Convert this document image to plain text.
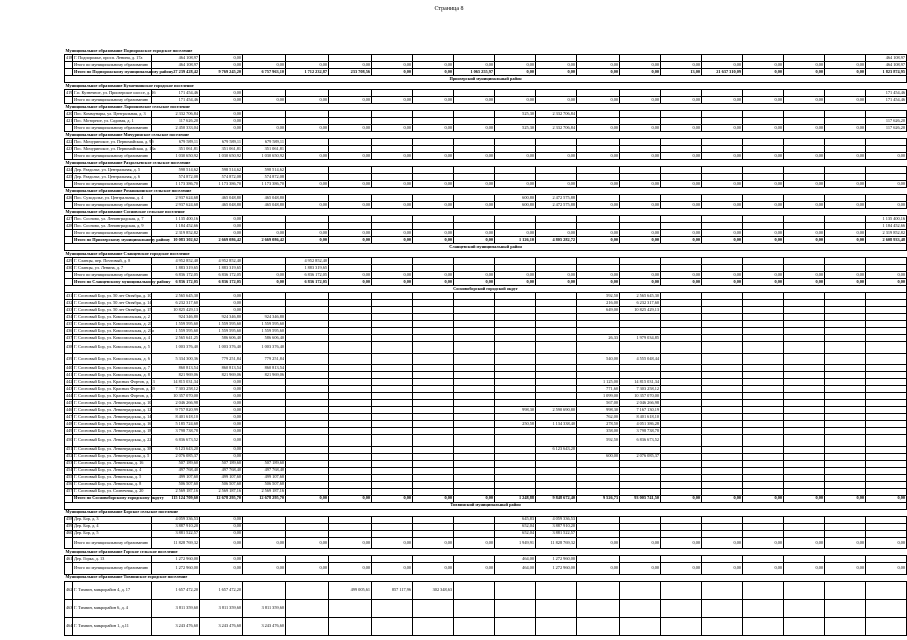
Страница 8
Муниципальное образование Подпорожское городское поселение																			
418	Г. Подпорожье, просп. Ленина, д. 17а	464 108,97	0,00																464 108,97
	Итого по муниципальному образованию	464 108,97	0,00	0,00	0,00	0,00	0,00	0,00	0,00	0,00	0,00	0,00	0,00	0,00	0,00	0,00	0,00	0,00	464 108,97
	Итого по Подпорожскому муниципальному району	27 239 428,42	9 769 245,20	6 757 963,10	1 712 232,87	233 708,56	0,00	0,00	1 065 255,97	0,00	0,00	0,00	0,00	13,00	21 637 310,09	0,00	0,00	0,00	1 823 874,95
Приозерский муниципальный район																			
Муниципальное образование Кузнечнинское городское поселение																			
419	Г.п. Кузнечное, ул. Приозерское шоссе, д. 16	171 454,46	0,00																171 454,46
	Итого по муниципальному образованию	171 454,46	0,00	0,00	0,00	0,00	0,00	0,00	0,00	0,00	0,00	0,00	0,00	0,00	0,00	0,00	0,00	0,00	171 454,46
Муниципальное образование Ларионовское сельское поселение																			
420	Пос. Коммунары, ул. Центральная, д. 3	2 332 706,84	0,00							525,30	2 332 706,84								
421	Пос. Моторное, ул. Садовая, д. 1	117 626,20	0,00																117 626,20
	Итого по муниципальному образованию	2 450 333,04	0,00	0,00	0,00	0,00	0,00	0,00	0,00	525,30	2 332 706,84	0,00	0,00	0,00	0,00	0,00	0,00	0,00	117 626,20
Муниципальное образование Мичуринское сельское поселение																			
422	Пос. Мичуринское, ул. Первомайская, д. 9б	679 589,11	679 589,11	679 589,11															
423	Пос. Мичуринское, ул. Первомайская, д. 13а	351 061,81	351 061,81	351 061,81															
	Итого по муниципальному образованию	1 030 650,92	1 030 650,92	1 030 650,92	0,00	0,00	0,00	0,00	0,00	0,00	0,00	0,00	0,00	0,00	0,00	0,00	0,00	0,00	0,00
Муниципальное образование Раздольевское сельское поселение																			
424	Дер. Раздолье, ул. Центральная, д. 5	598 514,62	598 514,62	598 514,62															
425	Дер. Раздолье, ул. Центральная, д. 6	574 872,08	574 872,08	574 872,08															
	Итого по муниципальному образованию	1 173 386,70	1 173 386,70	1 173 386,70	0,00	0,00	0,00	0,00	0,00	0,00	0,00	0,00	0,00	0,00	0,00	0,00	0,00	0,00	0,00
Муниципальное образование Ромашкинское сельское поселение																			
426	Пос. Суходолье, ул. Центральная, д. 4	2 937 624,68	465 048,80	465 048,80						600,80	2 472 575,88								
	Итого по муниципальному образованию	2 937 624,68	465 048,80	465 048,80	0,00	0,00	0,00	0,00	0,00	600,80	2 472 575,88	0,00	0,00	0,00	0,00	0,00	0,00	0,00	0,00
Муниципальное образование Сосновское сельское поселение																			
427	Пос. Сосново, ул. Ленинградская, д. 7	1 135 400,16	0,00																1 135 400,16
428	Пос. Сосново, ул. Ленинградская, д. 9	1 184 452,66	0,00																1 184 452,66
	Итого по муниципальному образованию	2 319 852,82	0,00	0,00	0,00	0,00	0,00	0,00	0,00	0,00	0,00	0,00	0,00	0,00	0,00	0,00	0,00	0,00	2 319 852,82
	Итого по Приозерскому муниципальному району	10 083 302,62	2 669 086,42	2 669 086,42	0,00	0,00	0,00	0,00	0,00	1 126,10	4 805 282,72	0,00	0,00	0,00	0,00	0,00	0,00	0,00	2 608 933,48
Сланцевский муниципальный район																			
Муниципальное образование Сланцевское городское поселение																			
429	Г. Сланцы, пер. Почтовый, д. 8	4 952 852,40	4 952 852,40		4 952 852,40														
430	Г. Сланцы, ул. Ленина, д. 7	1 883 319,65	1 883 319,65		1 883 319,65														
	Итого по муниципальному образованию	6 836 172,05	6 836 172,05	0,00	6 836 172,05	0,00	0,00	0,00	0,00	0,00	0,00	0,00	0,00	0,00	0,00	0,00	0,00	0,00	0,00
	Итого по Сланцевскому муниципальному району	6 836 172,05	6 836 172,05	0,00	6 836 172,05	0,00	0,00	0,00	0,00	0,00	0,00	0,00	0,00	0,00	0,00	0,00	0,00	0,00	0,00
Сосновоборский городской округ																			
431	Г. Сосновый Бор, ул. 50 лет Октября, д. 10	2 565 645,30	0,00									592,50	2 565 645,30						
432	Г. Сосновый Бор, ул. 50 лет Октября, д. 14	6 232 317,60	0,00									216,00	6 232 317,60						
433	Г. Сосновый Бор, ул. 50 лет Октября, д. 15	10 825 429,13	0,00									649,00	10 825 429,13						
434	Г. Сосновый Бор, ул. Комсомольская, д. 2	924 346,80	924 346,80	924 346,80															
435	Г. Сосновый Бор, ул. Комсомольская, д. 21	1 559 595,60	1 559 595,60	1 559 595,60															
436	Г. Сосновый Бор, ул. Комсомольская, д. 21а	1 559 595,60	1 559 595,60	1 559 595,60															
437	Г. Сосновый Бор, ул. Комсомольская, д. 4	2 565 641,25	586 606,40	586 606,40								26,33	1 979 034,85						
438	Г. Сосновый Бор, ул. Комсомольская, д. 5	1 003 376,40	1 003 376,40	1 003 376,40															
439	Г. Сосновый Бор, ул. Комсомольская, д. 6	5 334 300,36	779 251,84	779 251,84								540,00	4 555 048,44						
440	Г. Сосновый Бор, ул. Комсомольская, д. 7	860 813,54	860 813,54	860 813,54															
441	Г. Сосновый Бор, ул. Комсомольская, д. 8	821 969,06	821 969,06	821 969,06															
442	Г. Сосновый Бор, ул. Красных Фортов, д. 13	14 815 031,34	0,00									1 125,00	14 815 031,34						
443	Г. Сосновый Бор, ул. Красных Фортов, д. 20	7 303 258,12	0,00									771,60	7 303 258,12						
444	Г. Сосновый Бор, ул. Красных Фортов, д. 5	10 357 070,00	0,00									1 099,00	10 357 070,00						
445	Г. Сосновый Бор, ул. Ленинградская, д. 10	2 046 266,98	0,00									567,00	2 046 266,98						
446	Г. Сосновый Бор, ул. Ленинградская, д. 12	9 757 820,99	0,00							998,30	2 590 690,80	998,30	7 167 130,19						
447	Г. Сосновый Бор, ул. Ленинградская, д. 14	8 401 618,10	0,00									762,00	8 401 618,10						
448	Г. Сосновый Бор, ул. Ленинградская, д. 16	5 185 724,68	0,00							250,58	1 134 338,40	278,50	4 051 386,28						
449	Г. Сосновый Бор, ул. Ленинградская, д. 18	3 798 738,78	0,00									358,00	3 798 738,78						
450	Г. Сосновый Бор, ул. Ленинградская, д. 22	6 836 673,52	0,00									592,50	6 836 673,52						
451	Г. Сосновый Бор, ул. Ленинградская, д. 38	6 123 643,20	0,00								6 123 643,20								
452	Г. Сосновый Бор, ул. Ленинградская, д. 5	2 076 085,37	0,00									600,00	2 076 085,37						
453	Г. Сосновый Бор, ул. Ленинская, д. 16	507 189,60	507 189,60	507 189,60															
454	Г. Сосновый Бор, ул. Ленинская, д. 4	497 768,40	497 768,40	497 768,40															
455	Г. Сосновый Бор, ул. Ленинская, д. 5	499 107,60	499 107,60	499 107,60															
456	Г. Сосновый Бор, ул. Ленинская, д. 8	506 507,60	506 507,60	506 507,60															
457	Г. Сосновый Бор, ул. Солнечная, д. 20	2 569 187,16	2 569 187,16	2 569 187,16															
	Итого по Сосновоборскому городскому округу	115 124 709,60	12 678 295,70	12 678 295,70	0,00	0,00	0,00	0,00	0,00	1 248,88	9 848 672,40	9 526,73	93 005 741,50	0,00	0,00	0,00	0,00	0,00	0,00
Тихвинский муниципальный район																			
Муниципальное образование Борское сельское поселение																			
458	Дер. Бор, д. 3	4 059 336,53	0,00							645,83	4 059 336,53								
459	Дер. Бор, д. 4	3 887 910,20	0,00							652,04	3 887 910,20								
460	Дер. Бор, д. 5	3 881 522,57	0,00							652,04	3 881 522,57								
	Итого по муниципальному образованию	11 828 769,32	0,00	0,00	0,00	0,00	0,00	0,00	0,00	1 949,91	11 828 769,32	0,00	0,00	0,00	0,00	0,00	0,00	0,00	0,00
Муниципальное образование Горское сельское поселение																			
461	Дер. Горка, д. 13	1 272 960,00	0,00							464,00	1 272 960,00								
	Итого по муниципальному образованию	1 272 960,00	0,00	0,00	0,00	0,00	0,00	0,00	0,00	464,00	1 272 960,00	0,00	0,00	0,00	0,00	0,00	0,00	0,00	0,00
Муниципальное образование Тихвинское городское поселение																			
462	Г. Тихвин, микрорайон 4, д. 17	1 657 472,20	1 657 472,20			499 005,61	857 117,96	302 348,63											
463	Г. Тихвин, микрорайон 6, д. 4	3 811 359,60	3 811 359,60	3 811 359,60															
464	Г. Тихвин, микрорайон 1, д.11	3 243 476,60	3 243 476,60	3 243 476,60															
